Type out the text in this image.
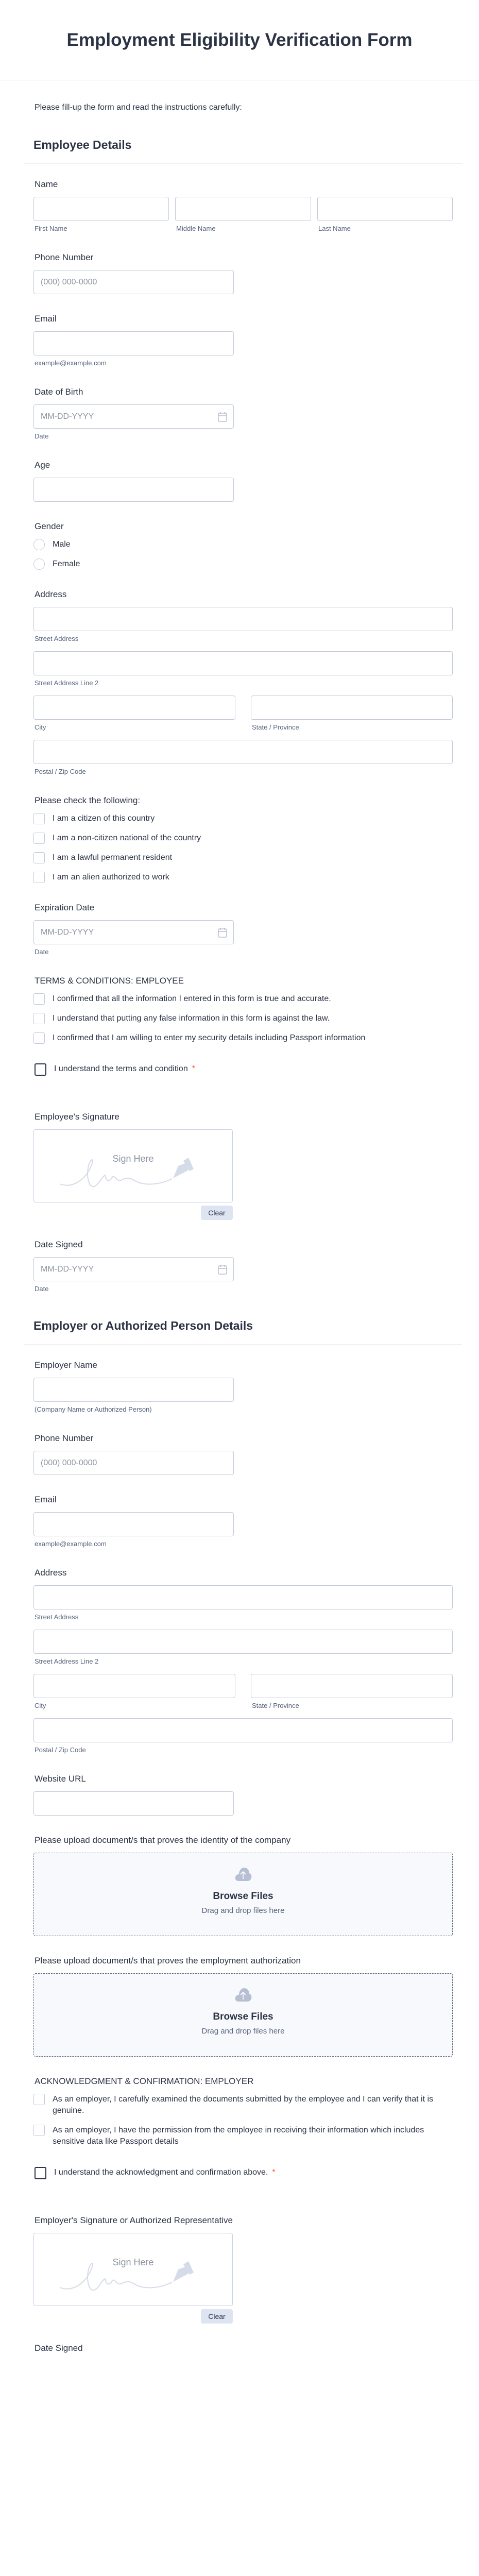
Employment Eligibility Verification Form
Please fill-up the form and read the instructions carefully:
Employee Details
Name
First Name	Middle Name	Last Name
Phone Number
(000) 000-0000
Email
example@example.com
Date of Birth
MM-DD-YYYY
Date
Age
Gender
Male
Female
Address
Street Address
Street Address Line 2
City	State / Province
Postal / Zip Code
Please check the following:
I am a citizen of this country
I am a non-citizen national of the country
I am a lawful permanent resident
I am an alien authorized to work
Expiration Date
MM-DD-YYYY
Date
TERMS & CONDITIONS: EMPLOYEE
I confirmed that all the information I entered in this form is true and accurate.
I understand that putting any false information in this form is against the law.
I confirmed that I am willing to enter my security details including Passport information
I understand the terms and condition *
Employee's Signature
Sign Here
Clear
Date Signed
MM-DD-YYYY
Date
Employer or Authorized Person Details
Employer Name
(Company Name or Authorized Person)
Phone Number
(000) 000-0000
Email
example@example.com
Address
Street Address
Street Address Line 2
City	State / Province
Postal / Zip Code
Website URL
Please upload document/s that proves the identity of the company
Browse Files
Drag and drop files here
Please upload document/s that proves the employment authorization
Browse Files
Drag and drop files here
ACKNOWLEDGMENT & CONFIRMATION: EMPLOYER
As an employer, I carefully examined the documents submitted by the employee and I can verify that it is genuine.
As an employer, I have the permission from the employee in receiving their information which includes sensitive data like Passport details
I understand the acknowledgment and confirmation above. *
Employer's Signature or Authorized Representative
Sign Here
Clear
Date Signed
